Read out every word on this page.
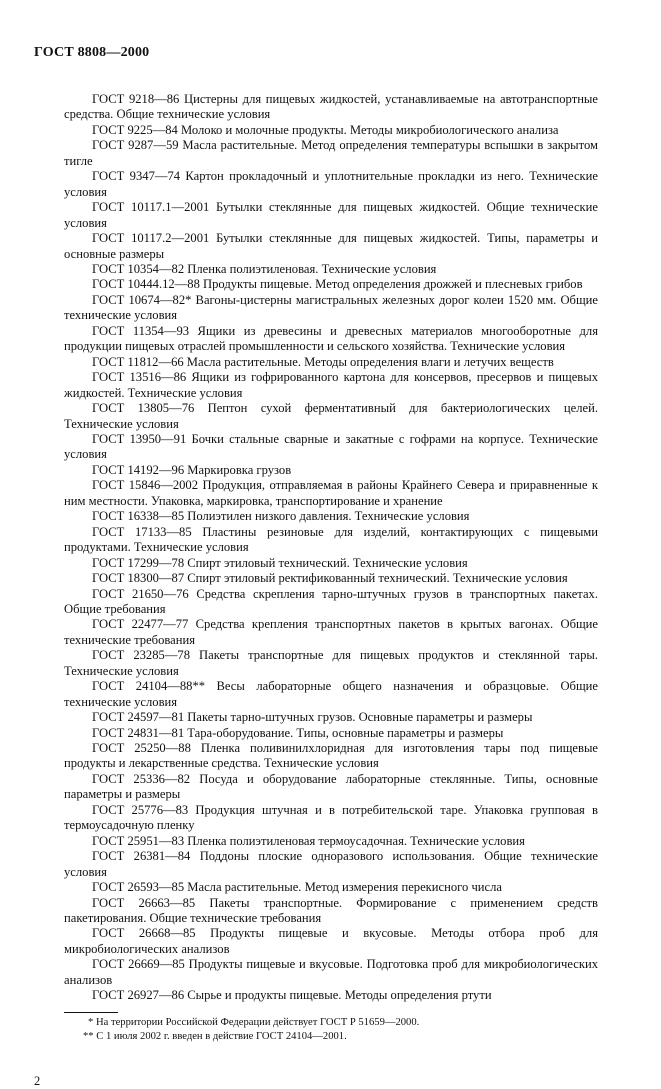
ГОСТ 8808—2000

ГОСТ 9218—86 Цистерны для пищевых жидкостей, устанавливаемые на автотранспортные средства. Общие технические условия

ГОСТ 9225—84 Молоко и молочные продукты. Методы микробиологического анализа

ГОСТ 9287—59 Масла растительные. Метод определения температуры вспышки в закрытом тигле

ГОСТ 9347—74 Картон прокладочный и уплотнительные прокладки из него. Технические условия

ГОСТ 10117.1—2001 Бутылки стеклянные для пищевых жидкостей. Общие технические условия

ГОСТ 10117.2—2001 Бутылки стеклянные для пищевых жидкостей. Типы, параметры и основные размеры

ГОСТ 10354—82 Пленка полиэтиленовая. Технические условия

ГОСТ 10444.12—88 Продукты пищевые. Метод определения дрожжей и плесневых грибов

ГОСТ 10674—82* Вагоны-цистерны магистральных железных дорог колеи 1520 мм. Общие технические условия

ГОСТ 11354—93 Ящики из древесины и древесных материалов многооборотные для продукции пищевых отраслей промышленности и сельского хозяйства. Технические условия

ГОСТ 11812—66 Масла растительные. Методы определения влаги и летучих веществ

ГОСТ 13516—86 Ящики из гофрированного картона для консервов, пресервов и пищевых жидкостей. Технические условия

ГОСТ 13805—76 Пептон сухой ферментативный для бактериологических целей. Технические условия

ГОСТ 13950—91 Бочки стальные сварные и закатные с гофрами на корпусе. Технические условия

ГОСТ 14192—96 Маркировка грузов

ГОСТ 15846—2002 Продукция, отправляемая в районы Крайнего Севера и приравненные к ним местности. Упаковка, маркировка, транспортирование и хранение

ГОСТ 16338—85 Полиэтилен низкого давления. Технические условия

ГОСТ 17133—85 Пластины резиновые для изделий, контактирующих с пищевыми продуктами. Технические условия

ГОСТ 17299—78 Спирт этиловый технический. Технические условия

ГОСТ 18300—87 Спирт этиловый ректификованный технический. Технические условия

ГОСТ 21650—76 Средства скрепления тарно-штучных грузов в транспортных пакетах. Общие требования

ГОСТ 22477—77 Средства крепления транспортных пакетов в крытых вагонах. Общие технические требования

ГОСТ 23285—78 Пакеты транспортные для пищевых продуктов и стеклянной тары. Технические условия

ГОСТ 24104—88** Весы лабораторные общего назначения и образцовые. Общие технические условия

ГОСТ 24597—81 Пакеты тарно-штучных грузов. Основные параметры и размеры

ГОСТ 24831—81 Тара-оборудование. Типы, основные параметры и размеры

ГОСТ 25250—88 Пленка поливинилхлоридная для изготовления тары под пищевые продукты и лекарственные средства. Технические условия

ГОСТ 25336—82 Посуда и оборудование лабораторные стеклянные. Типы, основные параметры и размеры

ГОСТ 25776—83 Продукция штучная и в потребительской таре. Упаковка групповая в термоусадочную пленку

ГОСТ 25951—83 Пленка полиэтиленовая термоусадочная. Технические условия

ГОСТ 26381—84 Поддоны плоские одноразового использования. Общие технические условия

ГОСТ 26593—85 Масла растительные. Метод измерения перекисного числа

ГОСТ 26663—85 Пакеты транспортные. Формирование с применением средств пакетирования. Общие технические требования

ГОСТ 26668—85 Продукты пищевые и вкусовые. Методы отбора проб для микробиологических анализов

ГОСТ 26669—85 Продукты пищевые и вкусовые. Подготовка проб для микробиологических анализов

ГОСТ 26927—86 Сырье и продукты пищевые. Методы определения ртути

* На территории Российской Федерации действует ГОСТ Р 51659—2000.
** С 1 июля 2002 г. введен в действие ГОСТ 24104—2001.
2
